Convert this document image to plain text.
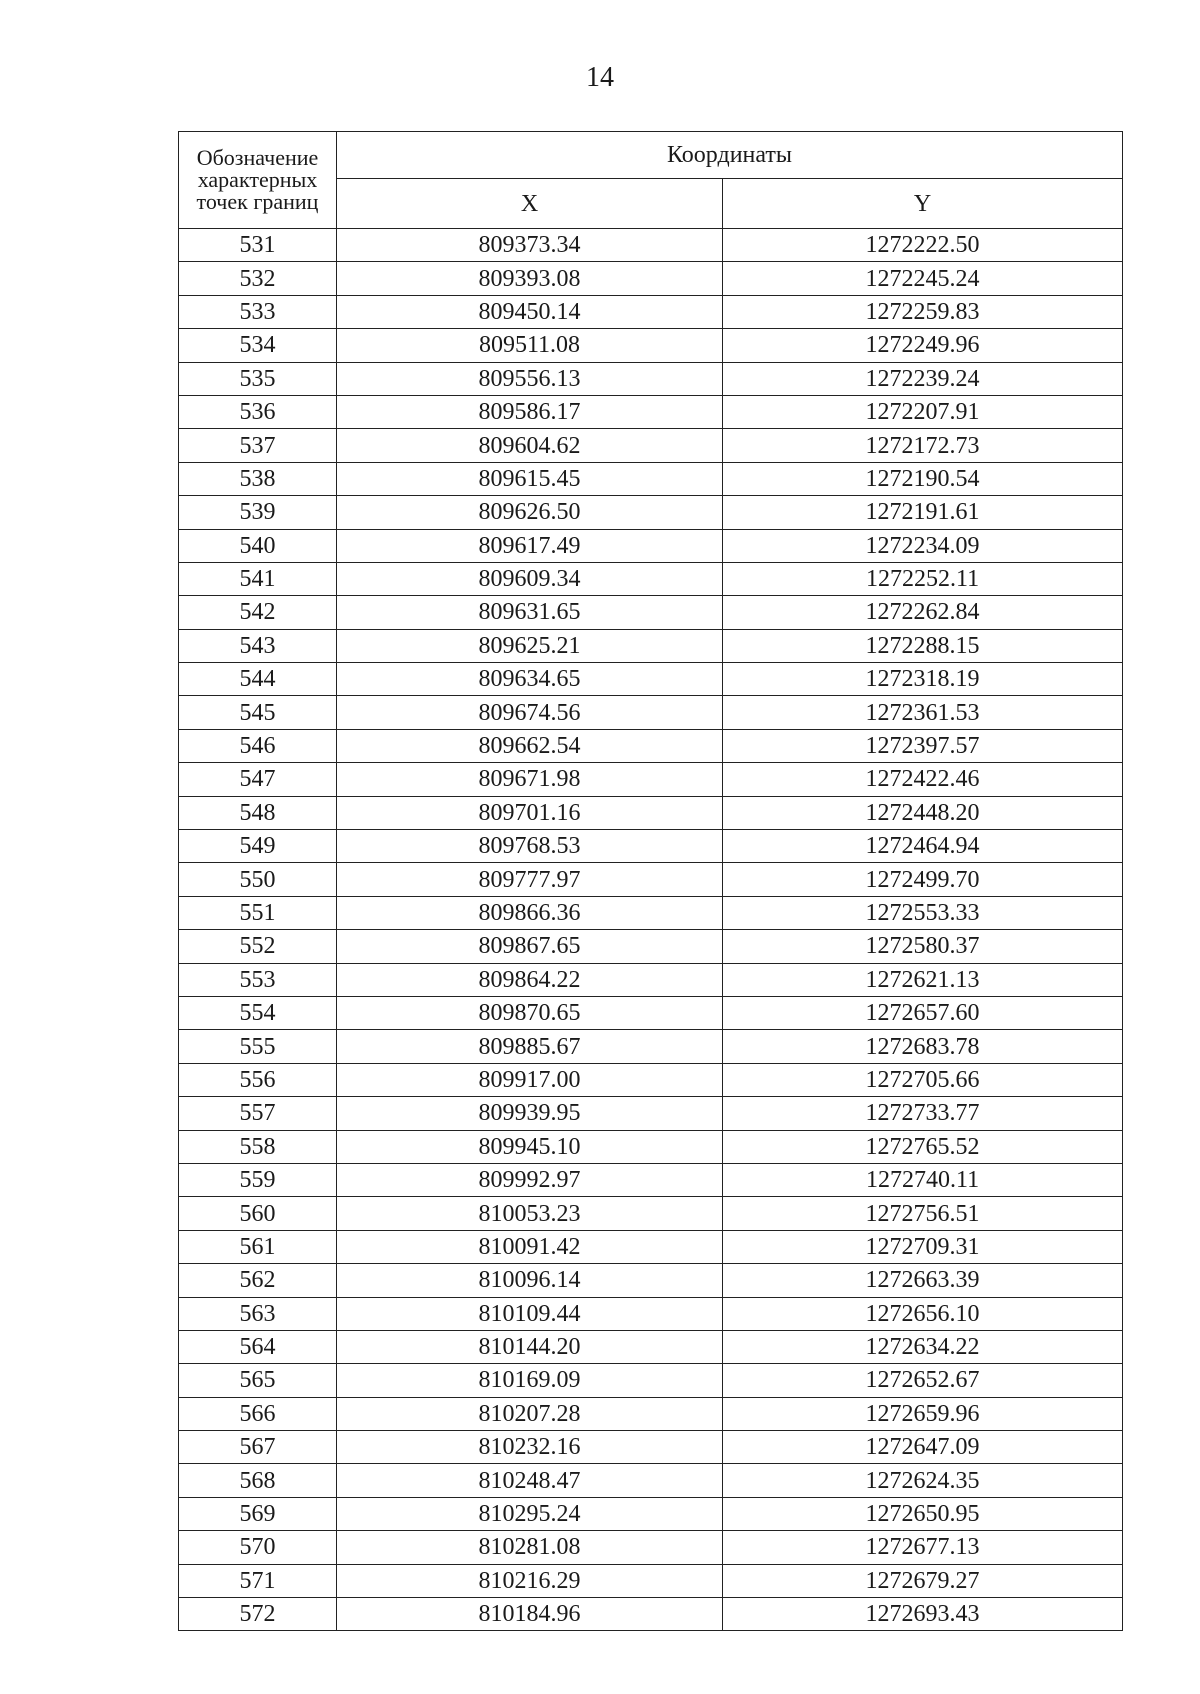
14
Обозначение характерных точек границ	Координаты	
	X	Y
531	809373.34	1272222.50
532	809393.08	1272245.24
533	809450.14	1272259.83
534	809511.08	1272249.96
535	809556.13	1272239.24
536	809586.17	1272207.91
537	809604.62	1272172.73
538	809615.45	1272190.54
539	809626.50	1272191.61
540	809617.49	1272234.09
541	809609.34	1272252.11
542	809631.65	1272262.84
543	809625.21	1272288.15
544	809634.65	1272318.19
545	809674.56	1272361.53
546	809662.54	1272397.57
547	809671.98	1272422.46
548	809701.16	1272448.20
549	809768.53	1272464.94
550	809777.97	1272499.70
551	809866.36	1272553.33
552	809867.65	1272580.37
553	809864.22	1272621.13
554	809870.65	1272657.60
555	809885.67	1272683.78
556	809917.00	1272705.66
557	809939.95	1272733.77
558	809945.10	1272765.52
559	809992.97	1272740.11
560	810053.23	1272756.51
561	810091.42	1272709.31
562	810096.14	1272663.39
563	810109.44	1272656.10
564	810144.20	1272634.22
565	810169.09	1272652.67
566	810207.28	1272659.96
567	810232.16	1272647.09
568	810248.47	1272624.35
569	810295.24	1272650.95
570	810281.08	1272677.13
571	810216.29	1272679.27
572	810184.96	1272693.43
